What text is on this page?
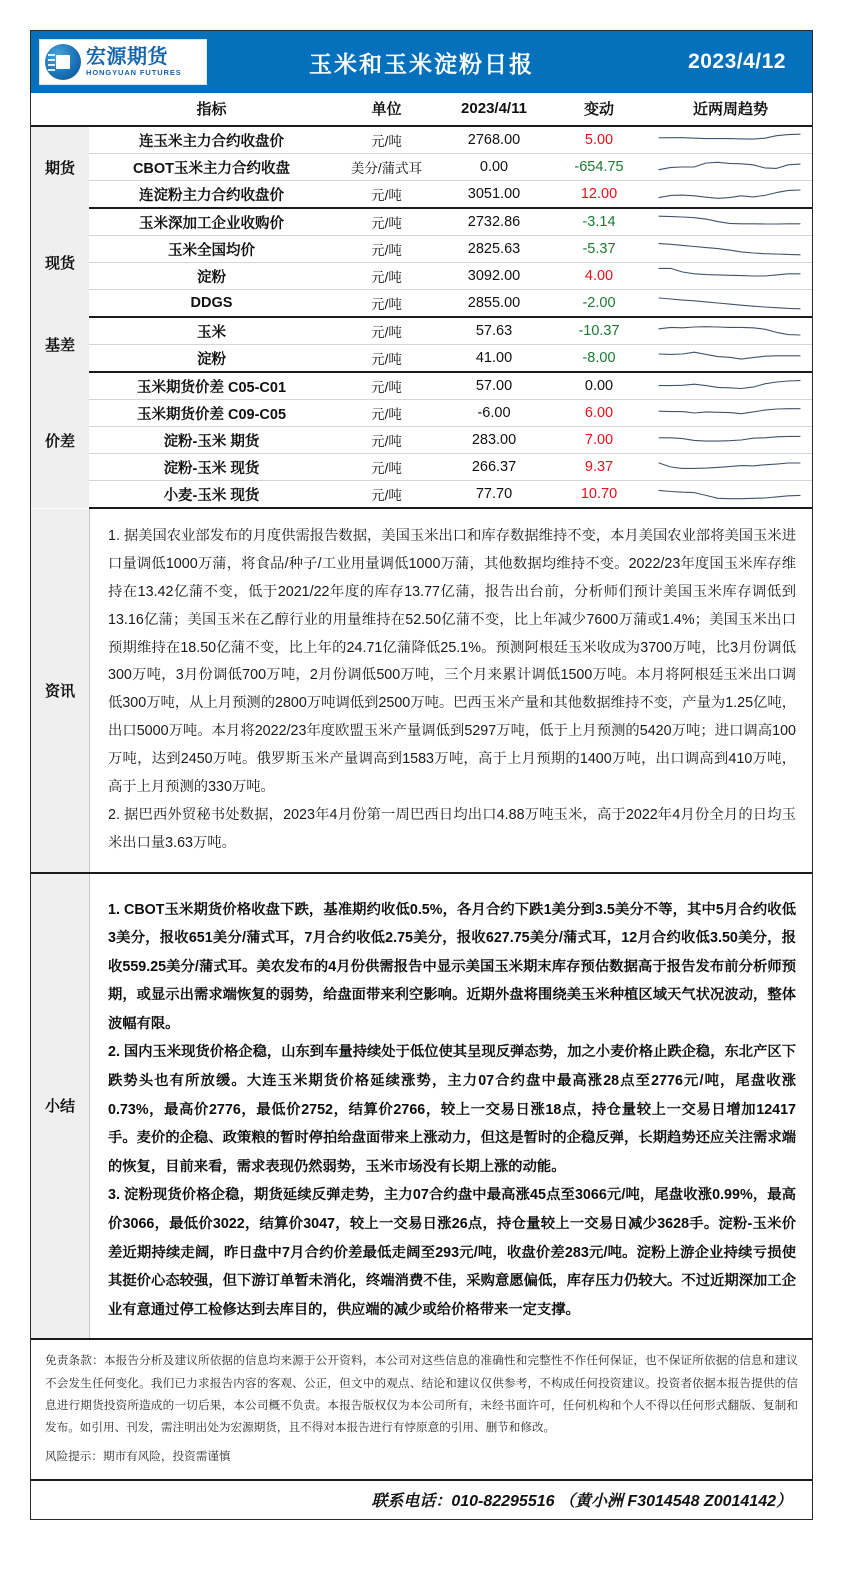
宏源期货
HONGYUAN FUTURES	玉米和玉米淀粉日报	2023/4/12
	指标	单位	2023/4/11	变动	近两周趋势
期货	连玉米主力合约收盘价	元/吨	2768.00	5.00	

	CBOT玉米主力合约收盘	美分/蒲式耳	0.00	-654.75	

	连淀粉主力合约收盘价	元/吨	3051.00	12.00	

现货	玉米深加工企业收购价	元/吨	2732.86	-3.14	

	玉米全国均价	元/吨	2825.63	-5.37	

	淀粉	元/吨	3092.00	4.00	

	DDGS	元/吨	2855.00	-2.00	

基差	玉米	元/吨	57.63	-10.37	

	淀粉	元/吨	41.00	-8.00	

价差	玉米期货价差 C05-C01	元/吨	57.00	0.00	

	玉米期货价差 C09-C05	元/吨	-6.00	6.00	

	淀粉-玉米 期货	元/吨	283.00	7.00	

	淀粉-玉米 现货	元/吨	266.37	9.37	

	小麦-玉米 现货	元/吨	77.70	10.70	
资讯

1. 据美国农业部发布的月度供需报告数据，美国玉米出口和库存数据维持不变，本月美国农业部将美国玉米进口量调低1000万蒲，将食品/种子/工业用量调低1000万蒲，其他数据均维持不变。2022/23年度国玉米库存维持在13.42亿蒲不变，低于2021/22年度的库存13.77亿蒲，报告出台前，分析师们预计美国玉米库存调低到13.16亿蒲；美国玉米在乙醇行业的用量维持在52.50亿蒲不变，比上年减少7600万蒲或1.4%；美国玉米出口预期维持在18.50亿蒲不变，比上年的24.71亿蒲降低25.1%。预测阿根廷玉米收成为3700万吨，比3月份调低300万吨，3月份调低700万吨，2月份调低500万吨，三个月来累计调低1500万吨。本月将阿根廷玉米出口调低300万吨，从上月预测的2800万吨调低到2500万吨。巴西玉米产量和其他数据维持不变，产量为1.25亿吨，出口5000万吨。本月将2022/23年度欧盟玉米产量调低到5297万吨，低于上月预测的5420万吨；进口调高100万吨，达到2450万吨。俄罗斯玉米产量调高到1583万吨，高于上月预期的1400万吨，出口调高到410万吨，高于上月预测的330万吨。

2. 据巴西外贸秘书处数据，2023年4月份第一周巴西日均出口4.88万吨玉米，高于2022年4月份全月的日均玉米出口量3.63万吨。

小结

1. CBOT玉米期货价格收盘下跌，基准期约收低0.5%，各月合约下跌1美分到3.5美分不等，其中5月合约收低3美分，报收651美分/蒲式耳，7月合约收低2.75美分，报收627.75美分/蒲式耳，12月合约收低3.50美分，报收559.25美分/蒲式耳。美农发布的4月份供需报告中显示美国玉米期末库存预估数据高于报告发布前分析师预期，或显示出需求端恢复的弱势，给盘面带来利空影响。近期外盘将围绕美玉米种植区域天气状况波动，整体波幅有限。

2. 国内玉米现货价格企稳，山东到车量持续处于低位使其呈现反弹态势，加之小麦价格止跌企稳，东北产区下跌势头也有所放缓。大连玉米期货价格延续涨势，主力07合约盘中最高涨28点至2776元/吨，尾盘收涨0.73%，最高价2776，最低价2752，结算价2766，较上一交易日涨18点，持仓量较上一交易日增加12417手。麦价的企稳、政策粮的暂时停拍给盘面带来上涨动力，但这是暂时的企稳反弹，长期趋势还应关注需求端的恢复，目前来看，需求表现仍然弱势，玉米市场没有长期上涨的动能。

3. 淀粉现货价格企稳，期货延续反弹走势，主力07合约盘中最高涨45点至3066元/吨，尾盘收涨0.99%，最高价3066，最低价3022，结算价3047，较上一交易日涨26点，持仓量较上一交易日减少3628手。淀粉-玉米价差近期持续走阔，昨日盘中7月合约价差最低走阔至293元/吨，收盘价差283元/吨。淀粉上游企业持续亏损使其挺价心态较强，但下游订单暂未消化，终端消费不佳，采购意愿偏低，库存压力仍较大。不过近期深加工企业有意通过停工检修达到去库目的，供应端的减少或给价格带来一定支撑。

免责条款：本报告分析及建议所依据的信息均来源于公开资料，本公司对这些信息的准确性和完整性不作任何保证，也不保证所依据的信息和建议不会发生任何变化。我们已力求报告内容的客观、公正，但文中的观点、结论和建议仅供参考，不构成任何投资建议。投资者依据本报告提供的信息进行期货投资所造成的一切后果，本公司概不负责。本报告版权仅为本公司所有，未经书面许可，任何机构和个人不得以任何形式翻版、复制和发布。如引用、刊发，需注明出处为宏源期货，且不得对本报告进行有悖原意的引用、删节和修改。

风险提示：期市有风险，投资需谨慎

联系电话：010-82295516 （黄小洲 F3014548 Z0014142）
